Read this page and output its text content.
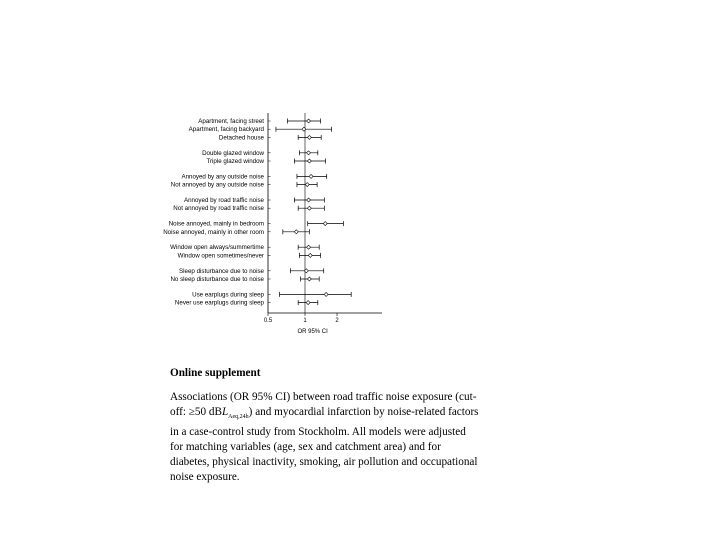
0.5	1	2
OR 95% CI
Apartment, facing street
Apartment, facing backyard
Detached house
Double glazed window
Triple glazed window
Annoyed by any outside noise
Not annoyed by any outside noise
Annoyed by road traffic noise
Not annoyed by road traffic noise
Noise annoyed, mainly in bedroom
Noise annoyed, mainly in other room
Window open always/summertime
Window open sometimes/never
Sleep disturbance due to noise
No sleep disturbance due to noise
Use earplugs during sleep
Never use earplugs during sleep
Online supplement

Associations (OR 95% CI) between road traffic noise exposure (cut-off: ≥50 dBL$_{Aeq,24h}$) and myocardial infarction by noise-related factors in a case-control study from Stockholm. All models were adjusted for matching variables (age, sex and catchment area) and for diabetes, physical inactivity, smoking, air pollution and occupational noise exposure.
